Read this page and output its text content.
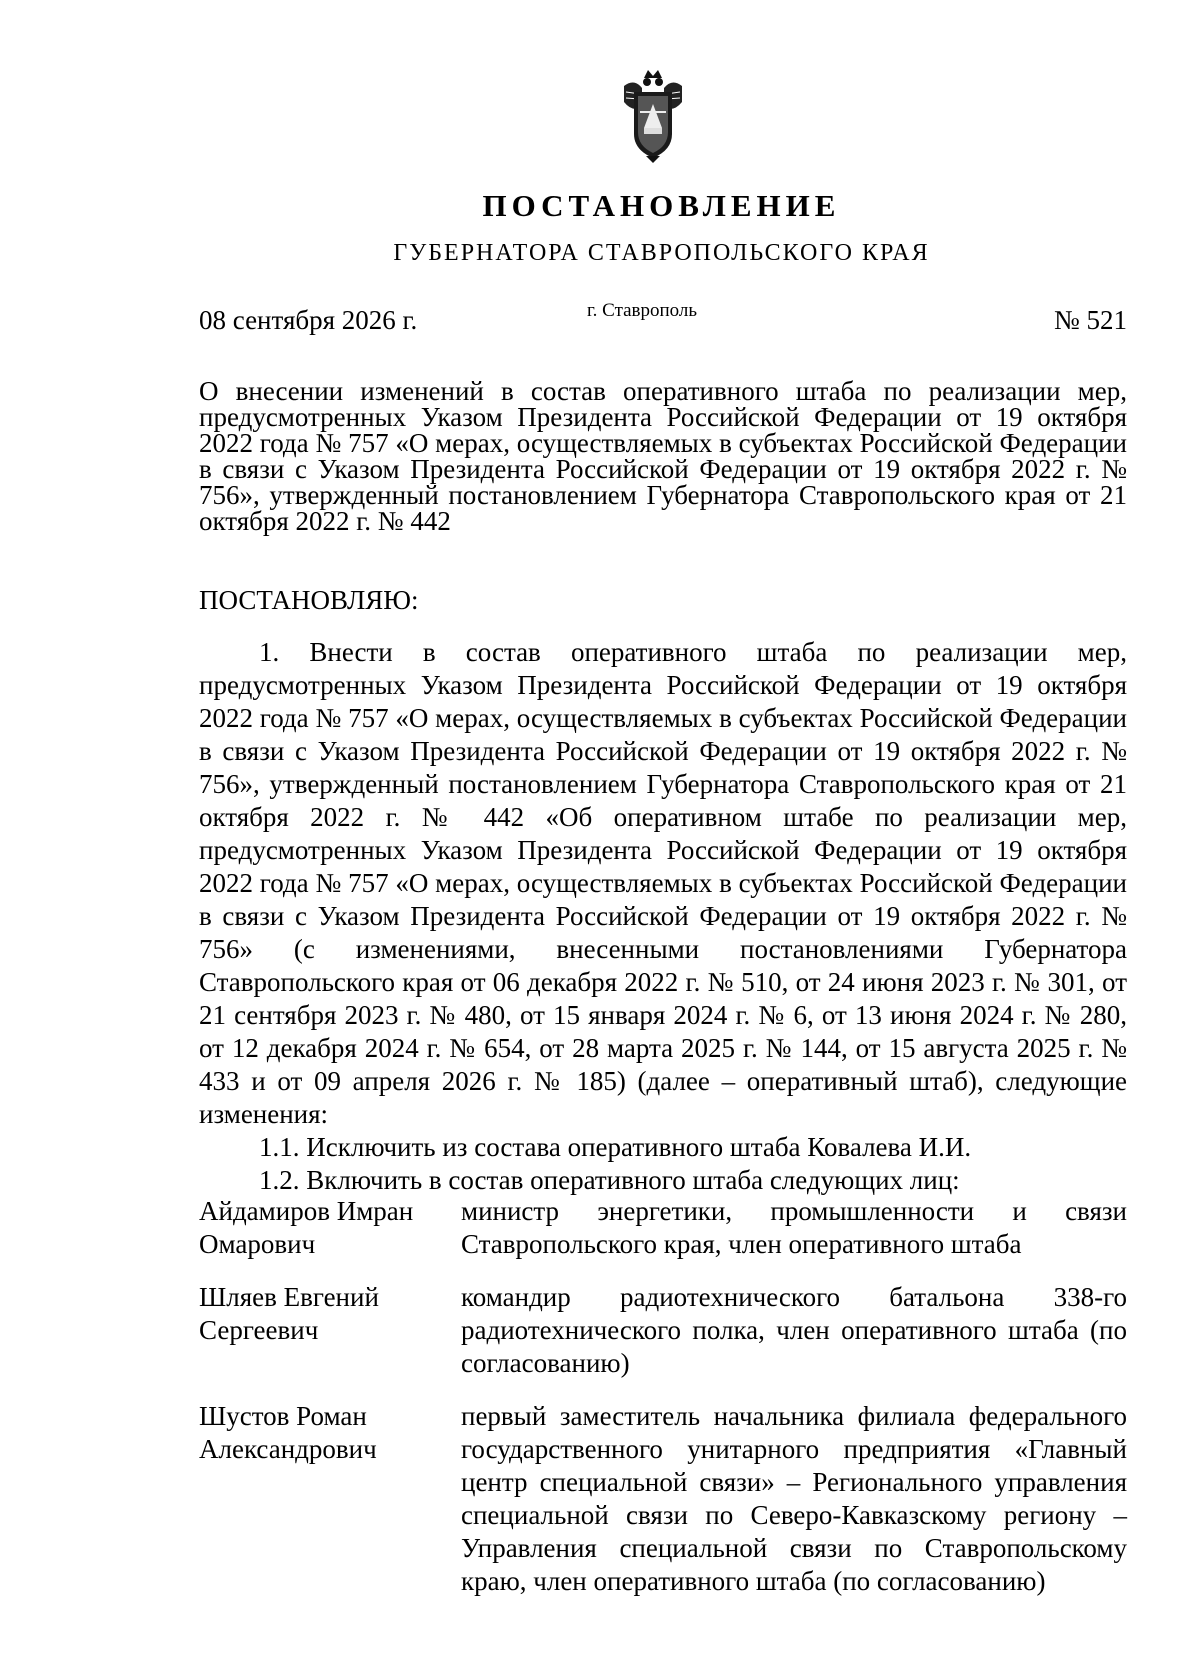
ПОСТАНОВЛЕНИЕ
ГУБЕРНАТОРА СТАВРОПОЛЬСКОГО КРАЯ
08 сентября 2026 г.	г. Ставрополь	№ 521
О внесении изменений в состав оперативного штаба по реализации мер, предусмотренных Указом Президента Российской Федерации от 19 октября 2022 года № 757 «О мерах, осуществляемых в субъектах Российской Федерации в связи с Указом Президента Российской Федерации от 19 октября 2022 г. № 756», утвержденный постановлением Губернатора Ставропольского края от 21 октября 2022 г. № 442
ПОСТАНОВЛЯЮ:

1. Внести в состав оперативного штаба по реализации мер, предусмотренных Указом Президента Российской Федерации от 19 октября 2022 года № 757 «О мерах, осуществляемых в субъектах Российской Федерации в связи с Указом Президента Российской Федерации от 19 октября 2022 г. № 756», утвержденный постановлением Губернатора Ставропольского края от 21 октября 2022 г. № 442 «Об оперативном штабе по реализации мер, предусмотренных Указом Президента Российской Федерации от 19 октября 2022 года № 757 «О мерах, осуществляемых в субъектах Российской Федерации в связи с Указом Президента Российской Федерации от 19 октября 2022 г. № 756» (с изменениями, внесенными постановлениями Губернатора Ставропольского края от 06 декабря 2022 г. № 510, от 24 июня 2023 г. № 301, от 21 сентября 2023 г. № 480, от 15 января 2024 г. № 6, от 13 июня 2024 г. № 280, от 12 декабря 2024 г. № 654, от 28 марта 2025 г. № 144, от 15 августа 2025 г. № 433 и от 09 апреля 2026 г. № 185) (далее – оперативный штаб), следующие изменения:

1.1. Исключить из состава оперативного штаба Ковалева И.И.

1.2. Включить в состав оперативного штаба следующих лиц:

Айдамиров Имран
Омарович
министр энергетики, промышленности и связи Ставропольского края, член оперативного штаба
Шляев Евгений
Сергеевич
командир радиотехнического батальона 338-го радиотехнического полка, член оперативного штаба (по согласованию)
Шустов Роман
Александрович
первый заместитель начальника филиала федерального государственного унитарного предприятия «Главный центр специальной связи» – Регионального управления специальной связи по Северо-Кавказскому региону – Управления специальной связи по Ставропольскому краю, член оперативного штаба (по согласованию)
